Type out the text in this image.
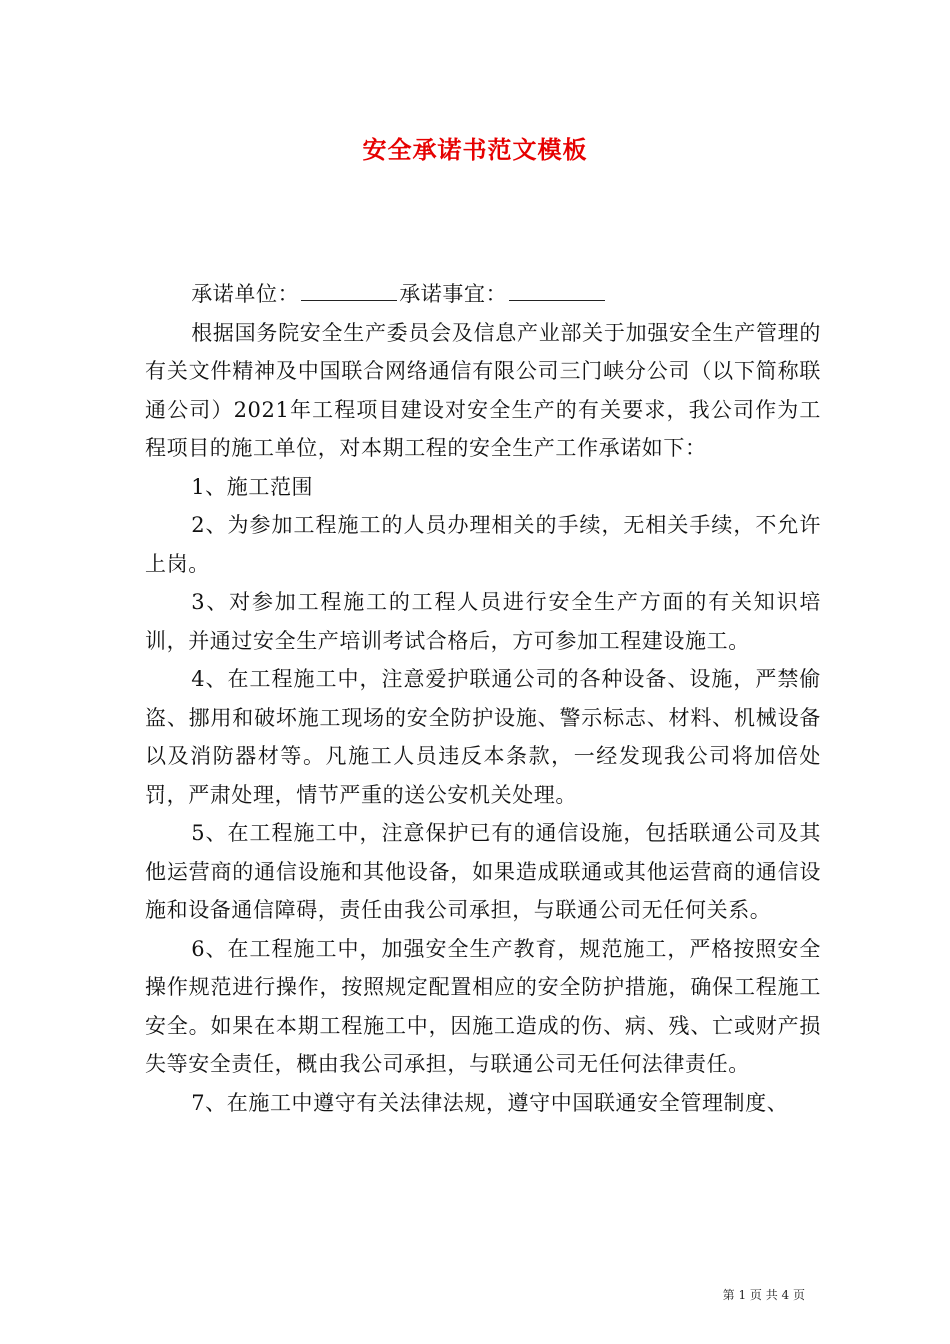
安全承诺书范文模板
承诺单位：	承诺事宜：

根据国务院安全生产委员会及信息产业部关于加强安全生产管理的有关文件精神及中国联合网络通信有限公司三门峡分公司（以下简称联通公司）2021年工程项目建设对安全生产的有关要求，我公司作为工程项目的施工单位，对本期工程的安全生产工作承诺如下：

1、施工范围

2、为参加工程施工的人员办理相关的手续，无相关手续，不允许上岗。

3、对参加工程施工的工程人员进行安全生产方面的有关知识培训，并通过安全生产培训考试合格后，方可参加工程建设施工。

4、在工程施工中，注意爱护联通公司的各种设备、设施，严禁偷盗、挪用和破坏施工现场的安全防护设施、警示标志、材料、机械设备以及消防器材等。凡施工人员违反本条款，一经发现我公司将加倍处罚，严肃处理，情节严重的送公安机关处理。

5、在工程施工中，注意保护已有的通信设施，包括联通公司及其他运营商的通信设施和其他设备，如果造成联通或其他运营商的通信设施和设备通信障碍，责任由我公司承担，与联通公司无任何关系。

6、在工程施工中，加强安全生产教育，规范施工，严格按照安全操作规范进行操作，按照规定配置相应的安全防护措施，确保工程施工安全。如果在本期工程施工中，因施工造成的伤、病、残、亡或财产损失等安全责任，概由我公司承担，与联通公司无任何法律责任。

7、在施工中遵守有关法律法规，遵守中国联通安全管理制度、

第 1 页 共 4 页
